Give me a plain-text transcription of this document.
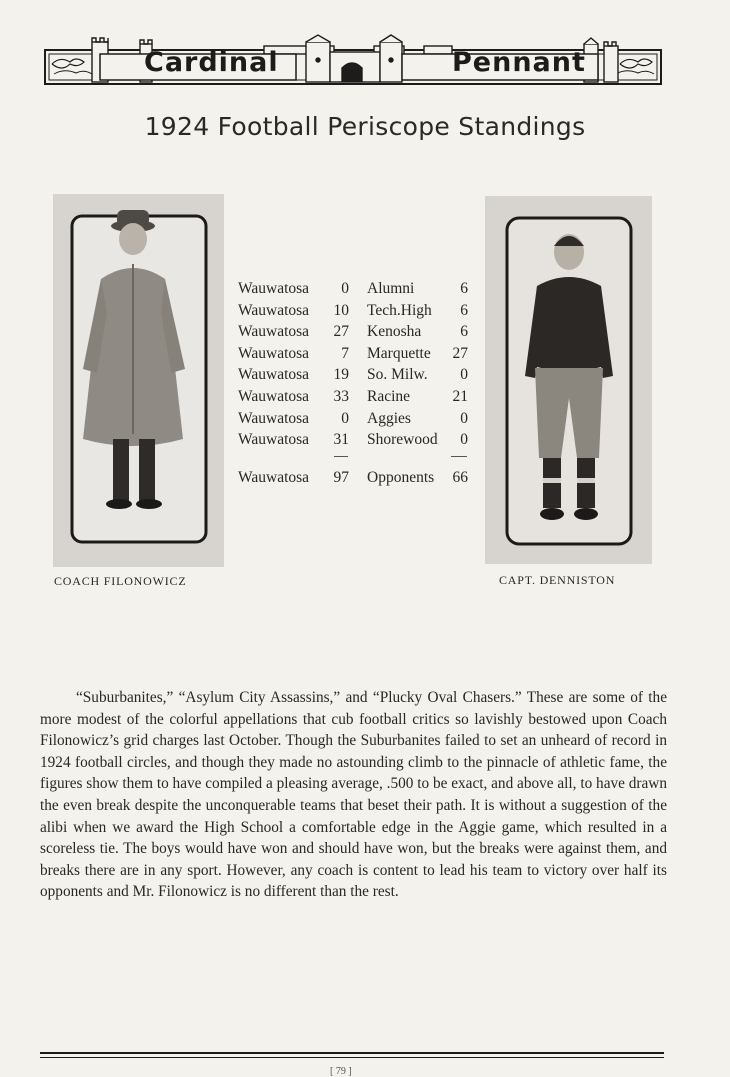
Cardinal	Pennant
1924 Football Periscope Standings
COACH FILONOWICZ	CAPT. DENNISTON
Wauwatosa	0 Alumni	6
Wauwatosa 10 Tech.High	6
Wauwatosa 27 Kenosha	6
Wauwatosa	7 Marquette 27
Wauwatosa 19 So. Milw.	0
Wauwatosa 33 Racine	21
Wauwatosa	0 Aggies	0
Wauwatosa 31 Shorewood	0
Wauwatosa 97 Opponents 66

“Suburbanites,” “Asylum City Assassins,” and “Plucky Oval Chasers.” These are some of the more modest of the colorful appellations that cub football critics so lavishly bestowed upon Coach Filonowicz’s grid charges last October. Though the Suburbanites failed to set an unheard of record in 1924 football circles, and though they made no astounding climb to the pinnacle of athletic fame, the figures show them to have compiled a pleasing average, .500 to be exact, and above all, to have drawn the even break despite the unconquerable teams that beset their path. It is without a suggestion of the alibi when we award the High School a comfortable edge in the Aggie game, which resulted in a scoreless tie. The boys would have won and should have won, but the breaks were against them, and breaks there are in any sport. However, any coach is content to lead his team to victory over half its opponents and Mr. Filonowicz is no different than the rest.

[ 79 ]
